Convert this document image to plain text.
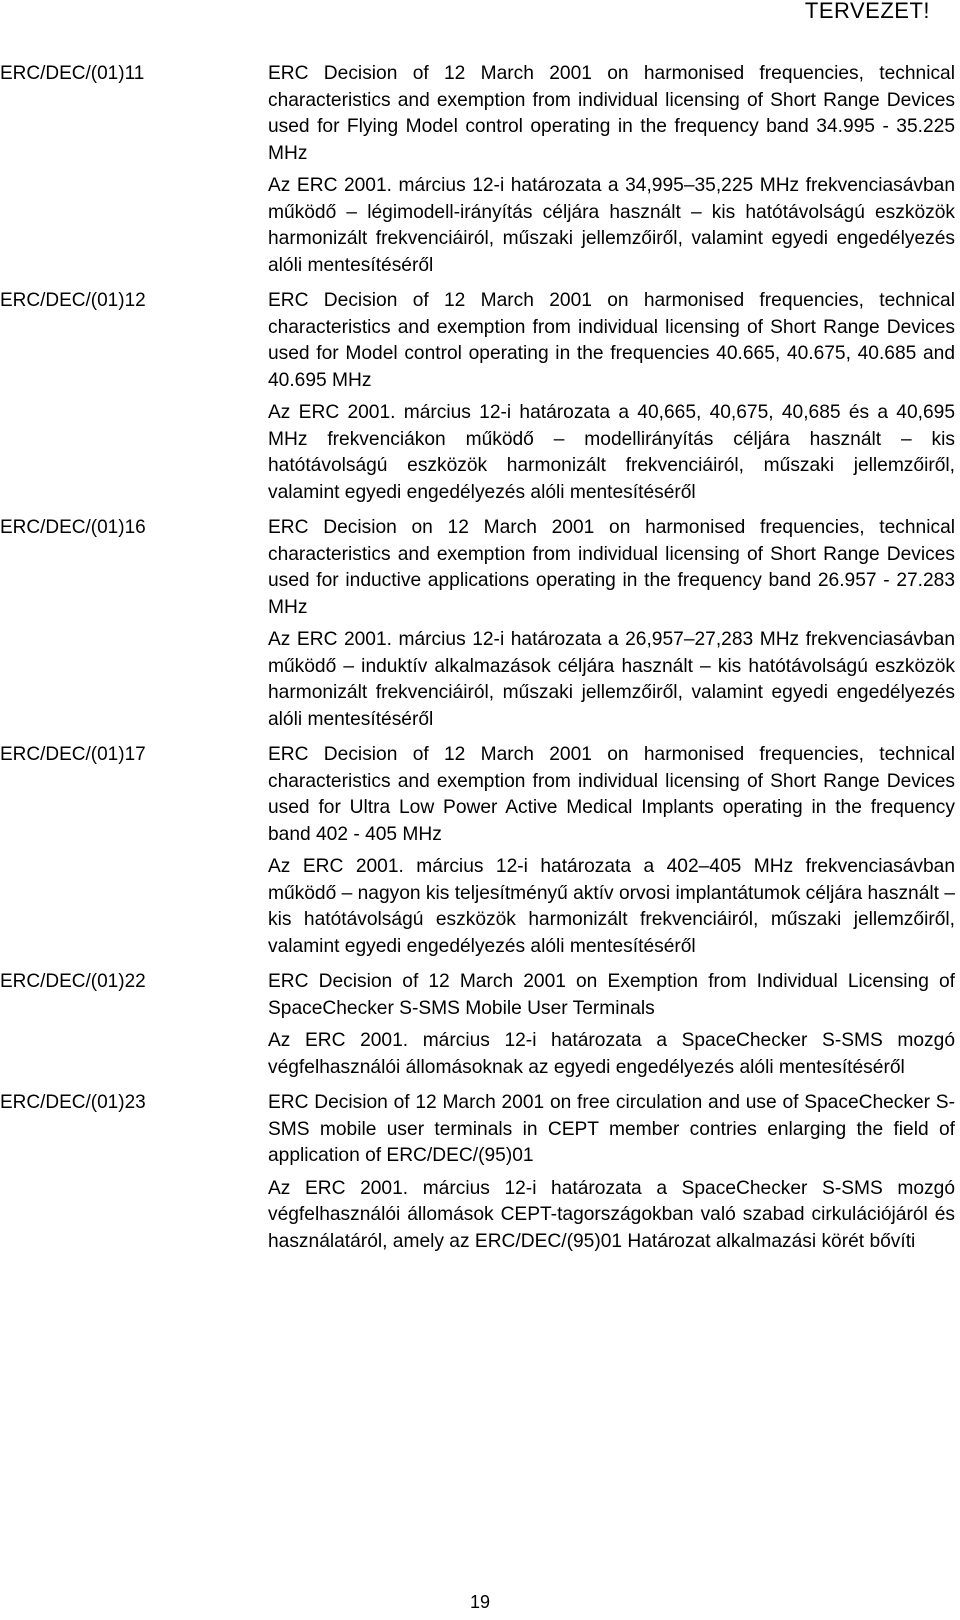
TERVEZET!
ERC/DEC/(01)11	ERC Decision of 12 March 2001 on harmonised frequencies, technical characteristics and exemption from individual licensing of Short Range Devices used for Flying Model control operating in the frequency band 34.995 - 35.225 MHz

Az ERC 2001. március 12-i határozata a 34,995–35,225 MHz frekvenciasávban működő – légimodell-irányítás céljára használt – kis hatótávolságú eszközök harmonizált frekvenciáiról, műszaki jellemzőiről, valamint egyedi engedélyezés alóli mentesítéséről

ERC/DEC/(01)12	ERC Decision of 12 March 2001 on harmonised frequencies, technical characteristics and exemption from individual licensing of Short Range Devices used for Model control operating in the frequencies 40.665, 40.675, 40.685 and 40.695 MHz

Az ERC 2001. március 12-i határozata a 40,665, 40,675, 40,685 és a 40,695 MHz frekvenciákon működő – modellirányítás céljára használt – kis hatótávolságú eszközök harmonizált frekvenciáiról, műszaki jellemzőiről, valamint egyedi engedélyezés alóli mentesítéséről

ERC/DEC/(01)16	ERC Decision on 12 March 2001 on harmonised frequencies, technical characteristics and exemption from individual licensing of Short Range Devices used for inductive applications operating in the frequency band 26.957 - 27.283 MHz

Az ERC 2001. március 12-i határozata a 26,957–27,283 MHz frekvenciasávban működő – induktív alkalmazások céljára használt – kis hatótávolságú eszközök harmonizált frekvenciáiról, műszaki jellemzőiről, valamint egyedi engedélyezés alóli mentesítéséről

ERC/DEC/(01)17	ERC Decision of 12 March 2001 on harmonised frequencies, technical characteristics and exemption from individual licensing of Short Range Devices used for Ultra Low Power Active Medical Implants operating in the frequency band 402 - 405 MHz

Az ERC 2001. március 12-i határozata a 402–405 MHz frekvenciasávban működő – nagyon kis teljesítményű aktív orvosi implantátumok céljára használt – kis hatótávolságú eszközök harmonizált frekvenciáiról, műszaki jellemzőiről, valamint egyedi engedélyezés alóli mentesítéséről

ERC/DEC/(01)22	ERC Decision of 12 March 2001 on Exemption from Individual Licensing of SpaceChecker S-SMS Mobile User Terminals

Az ERC 2001. március 12-i határozata a SpaceChecker S-SMS mozgó végfelhasználói állomásoknak az egyedi engedélyezés alóli mentesítéséről

ERC/DEC/(01)23	ERC Decision of 12 March 2001 on free circulation and use of SpaceChecker S-SMS mobile user terminals in CEPT member contries enlarging the field of application of ERC/DEC/(95)01

Az ERC 2001. március 12-i határozata a SpaceChecker S-SMS mozgó végfelhasználói állomások CEPT-tagországokban való szabad cirkulációjáról és használatáról, amely az ERC/DEC/(95)01 Határozat alkalmazási körét bővíti

19
